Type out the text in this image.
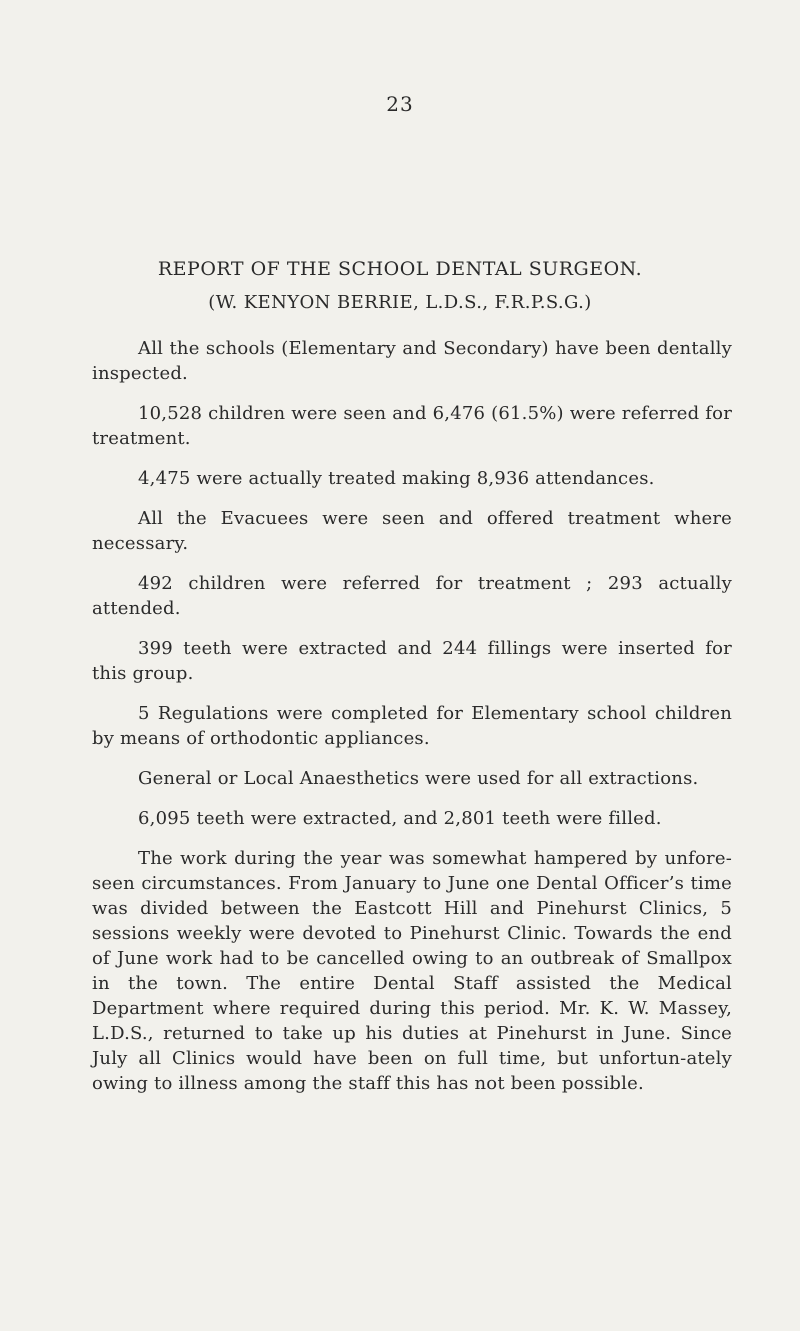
23
REPORT OF THE SCHOOL DENTAL SURGEON.
(W. KENYON BERRIE, L.D.S., F.R.P.S.G.)

All the schools (Elementary and Secondary) have been dentally inspected.

10,528 children were seen and 6,476 (61.5%) were referred for treatment.

4,475 were actually treated making 8,936 attendances.

All the Evacuees were seen and offered treatment where necessary.

492 children were referred for treatment ; 293 actually attended.

399 teeth were extracted and 244 fillings were inserted for this group.

5 Regulations were completed for Elementary school children by means of orthodontic appliances.

General or Local Anaesthetics were used for all extractions.

6,095 teeth were extracted, and 2,801 teeth were filled.

The work during the year was somewhat hampered by unfore-seen circumstances. From January to June one Dental Officer’s time was divided between the Eastcott Hill and Pinehurst Clinics, 5 sessions weekly were devoted to Pinehurst Clinic. Towards the end of June work had to be cancelled owing to an outbreak of Smallpox in the town. The entire Dental Staff assisted the Medical Department where required during this period. Mr. K. W. Massey, L.D.S., returned to take up his duties at Pinehurst in June. Since July all Clinics would have been on full time, but unfortun-ately owing to illness among the staff this has not been possible.
